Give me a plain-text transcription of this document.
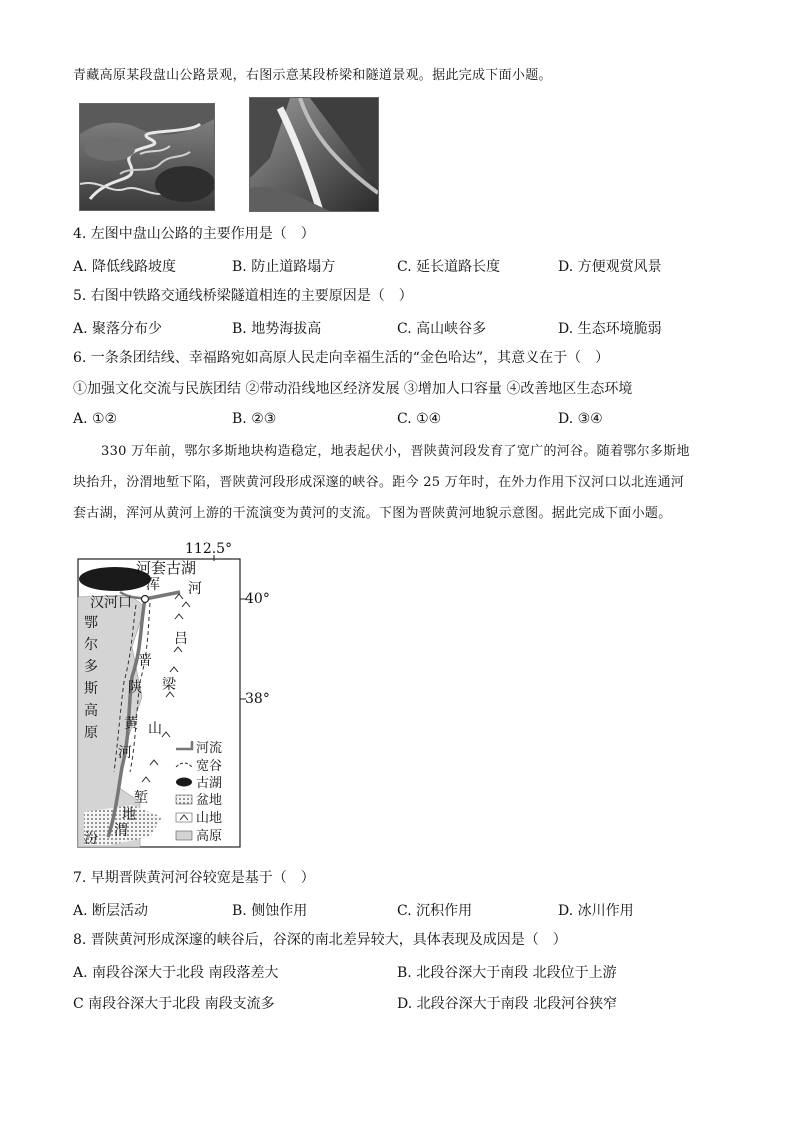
青藏高原某段盘山公路景观，右图示意某段桥梁和隧道景观。据此完成下面小题。
4. 左图中盘山公路的主要作用是（　）
A. 降低线路坡度	B. 防止道路塌方	C. 延长道路长度	D. 方便观赏风景
5. 右图中铁路交通线桥梁隧道相连的主要原因是（　）
A. 聚落分布少	B. 地势海拔高	C. 高山峡谷多	D. 生态环境脆弱
6. 一条条团结线、幸福路宛如高原人民走向幸福生活的“金色哈达”，其意义在于（　）
①加强文化交流与民族团结 ②带动沿线地区经济发展 ③增加人口容量 ④改善地区生态环境
A. ①②	B. ②③	C. ①④	D. ③④
330 万年前，鄂尔多斯地块构造稳定，地表起伏小，晋陕黄河段发育了宽广的河谷。随着鄂尔多斯地
块抬升，汾渭地堑下陷，晋陕黄河段形成深邃的峡谷。距今 25 万年时，在外力作用下汉河口以北连通河
套古湖，浑河从黄河上游的干流演变为黄河的支流。下图为晋陕黄河地貌示意图。据此完成下面小题。
112.5°
40°
38°
河套古湖
浑 河
汉河口
鄂
尔
多
斯
高
原
晋
陕
黄
河
吕
梁
山
堑
地
渭
汾
河流
宽谷
古湖
盆地
山地
高原
7. 早期晋陕黄河河谷较宽是基于（　）
A. 断层活动	B. 侧蚀作用	C. 沉积作用	D. 冰川作用
8. 晋陕黄河形成深邃的峡谷后，谷深的南北差异较大，具体表现及成因是（　）
A. 南段谷深大于北段 南段落差大	B. 北段谷深大于南段 北段位于上游
C 南段谷深大于北段 南段支流多	D. 北段谷深大于南段 北段河谷狭窄
